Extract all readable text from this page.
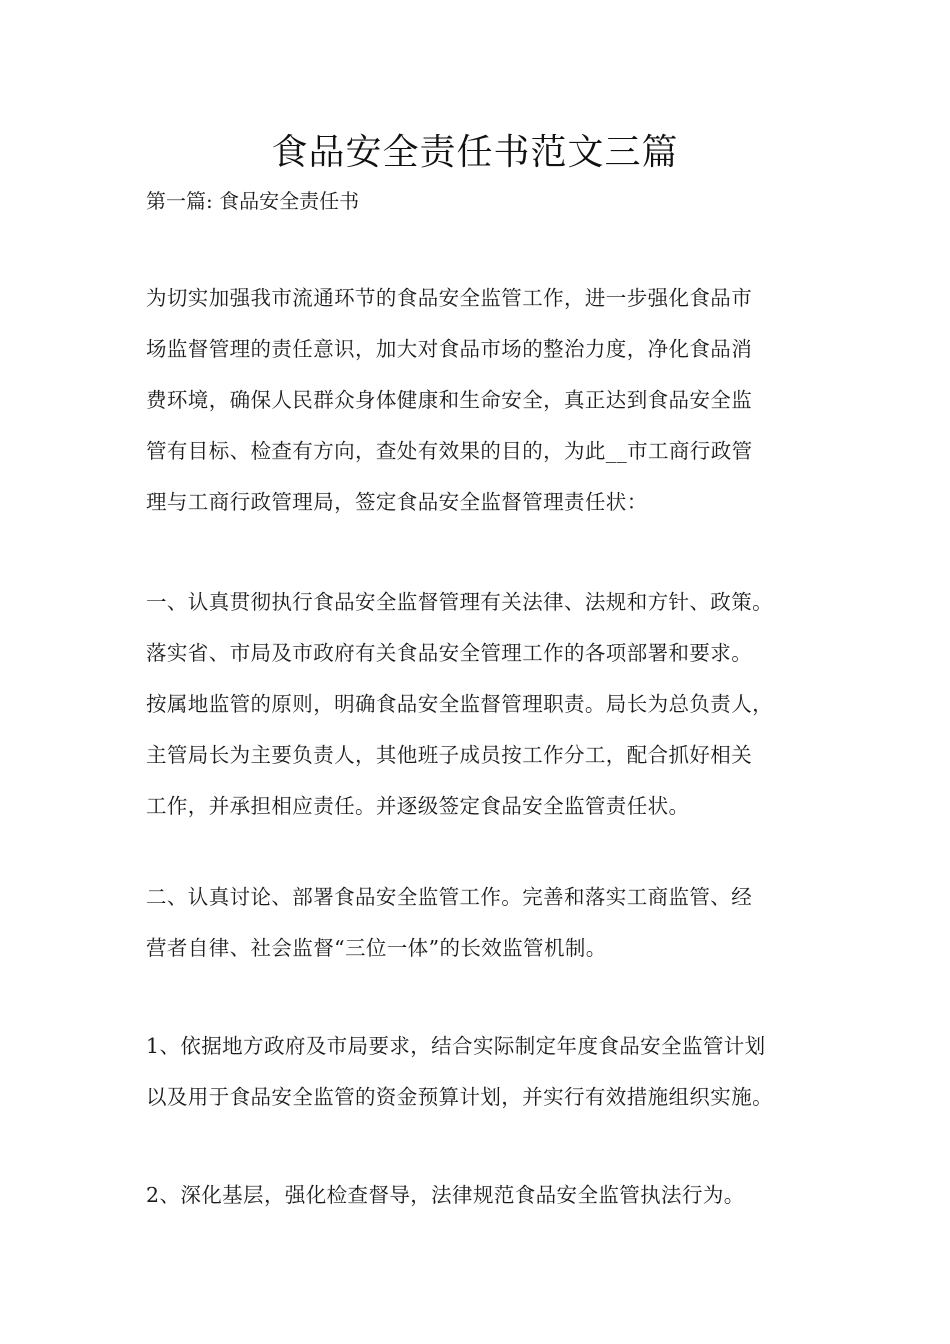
食品安全责任书范文三篇
第一篇: 食品安全责任书

为切实加强我市流通环节的食品安全监管工作，进一步强化食品市
场监督管理的责任意识，加大对食品市场的整治力度，净化食品消
费环境，确保人民群众身体健康和生命安全，真正达到食品安全监
管有目标、检查有方向，查处有效果的目的，为此__市工商行政管
理与工商行政管理局，签定食品安全监督管理责任状：

一、认真贯彻执行食品安全监督管理有关法律、法规和方针、政策。
落实省、市局及市政府有关食品安全管理工作的各项部署和要求。
按属地监管的原则，明确食品安全监督管理职责。局长为总负责人，
主管局长为主要负责人，其他班子成员按工作分工，配合抓好相关
工作，并承担相应责任。并逐级签定食品安全监管责任状。

二、认真讨论、部署食品安全监管工作。完善和落实工商监管、经
营者自律、社会监督“三位一体”的长效监管机制。

1、依据地方政府及市局要求，结合实际制定年度食品安全监管计划
以及用于食品安全监管的资金预算计划，并实行有效措施组织实施。

2、深化基层，强化检查督导，法律规范食品安全监管执法行为。
